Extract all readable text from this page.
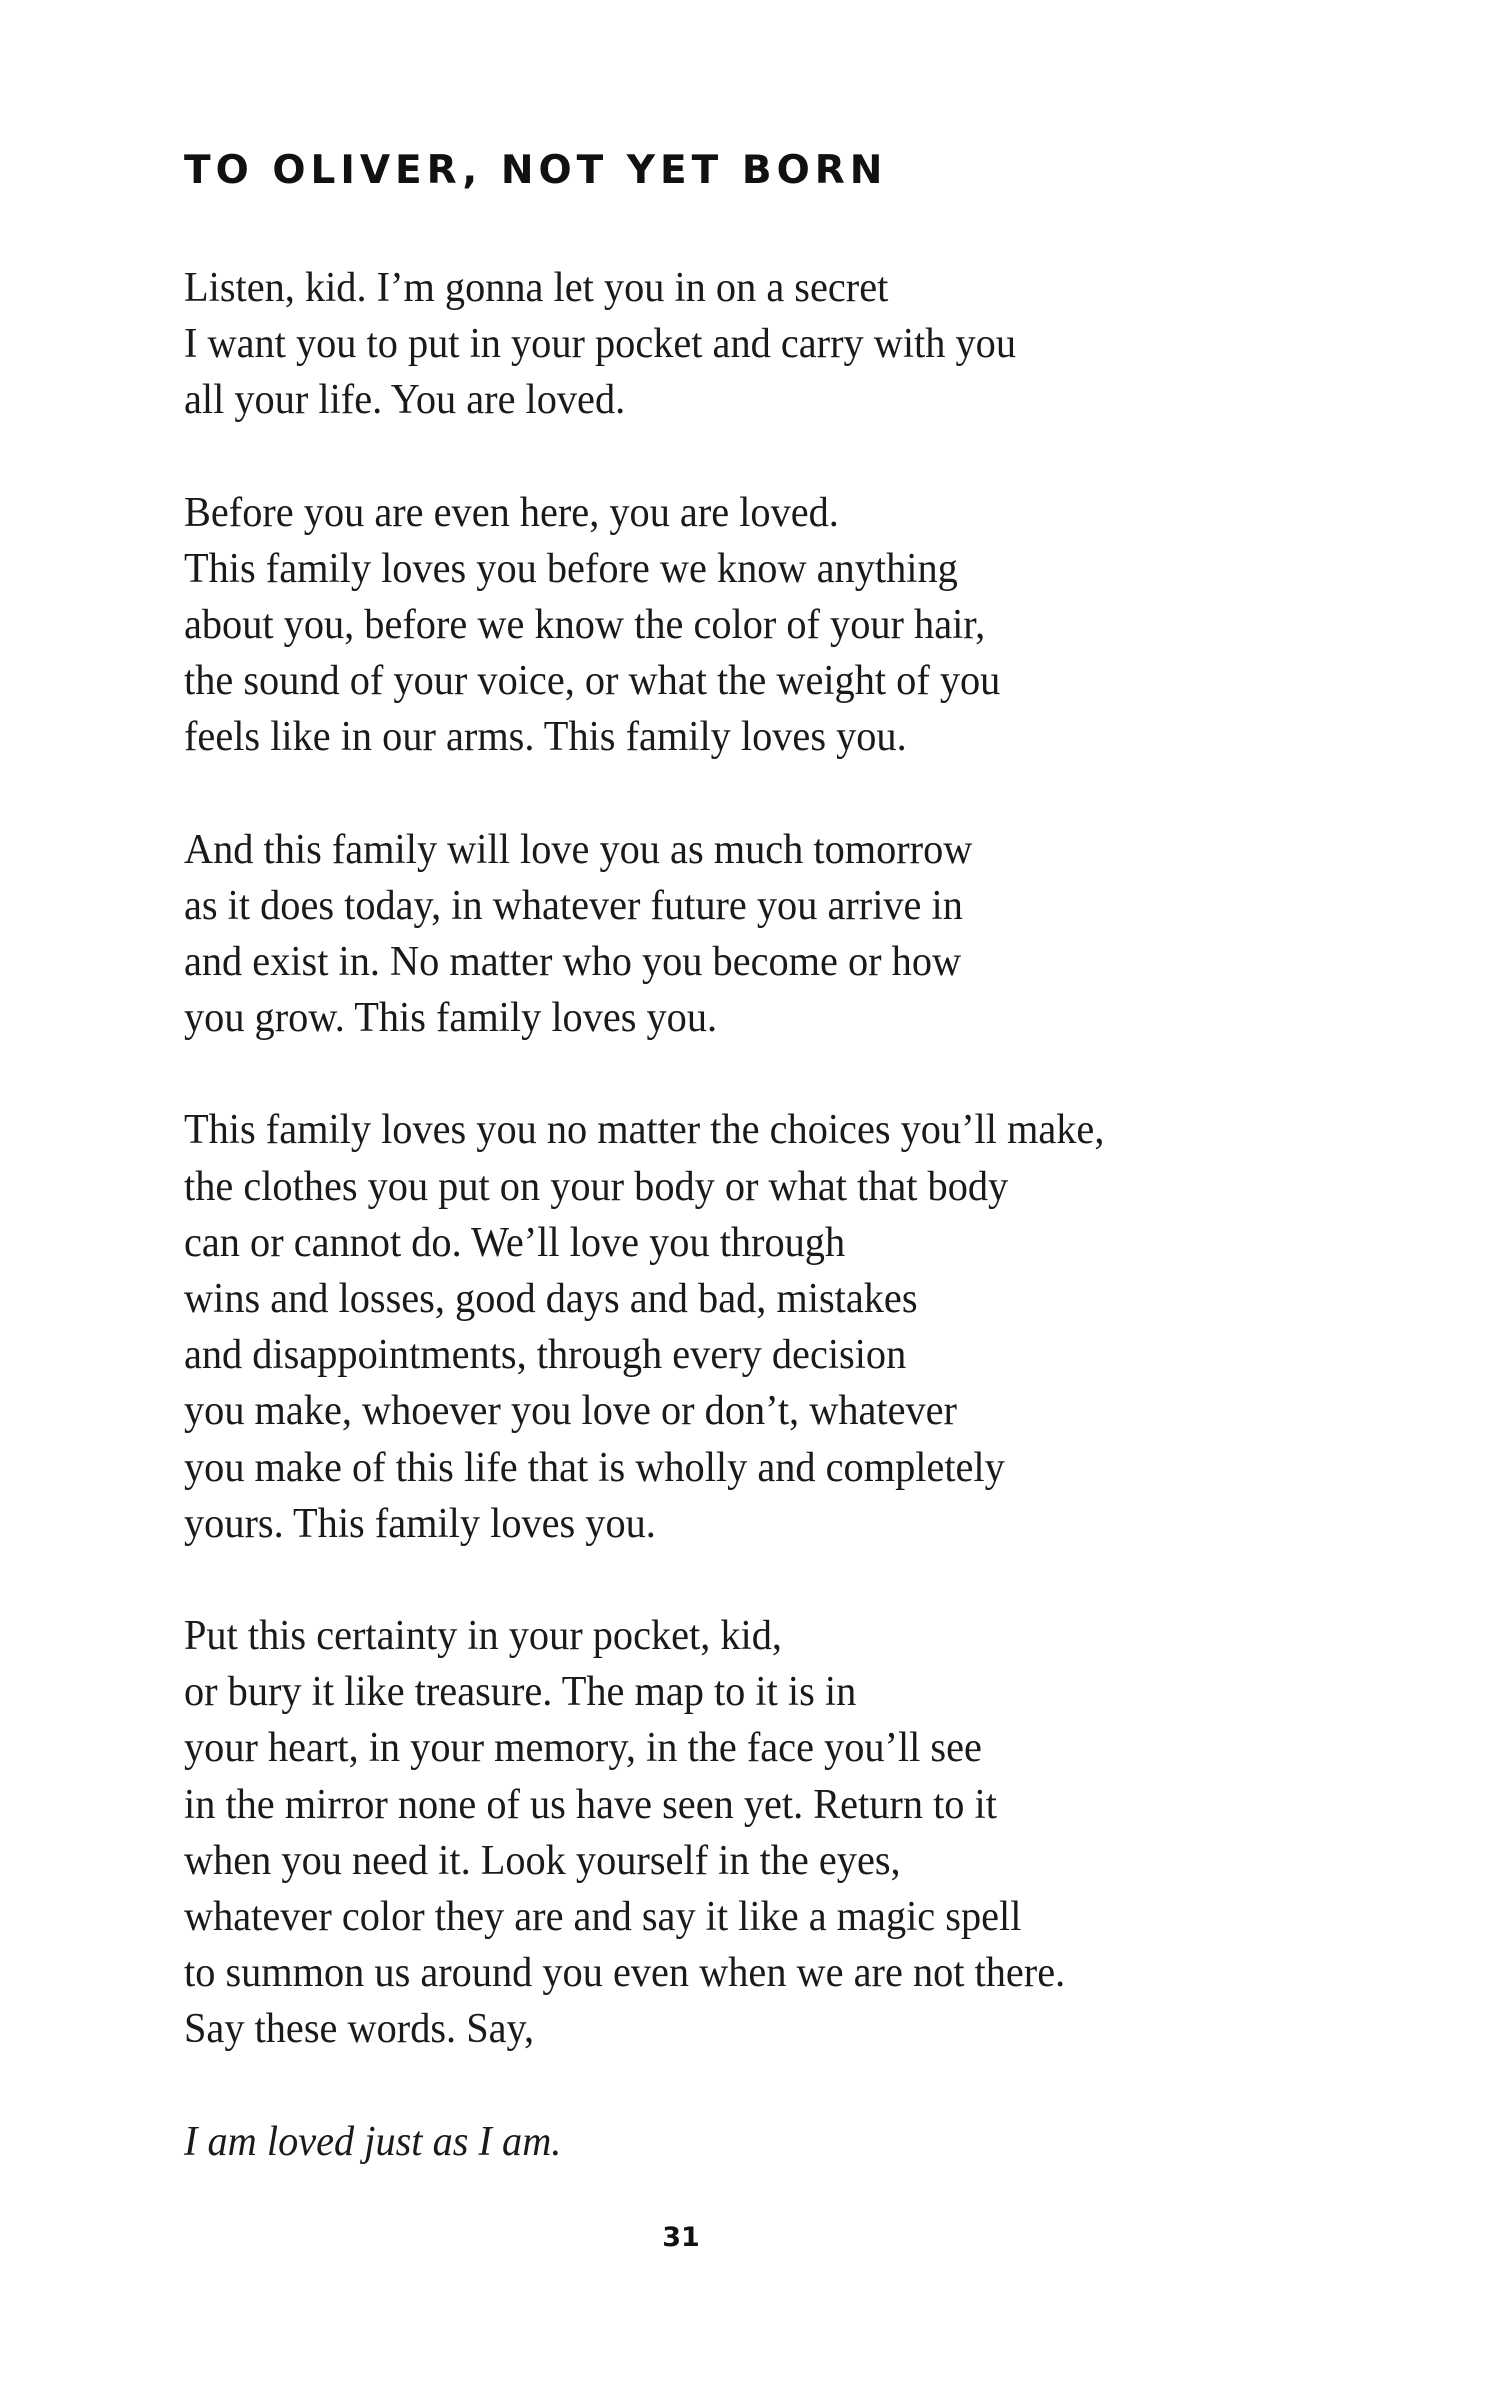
TO OLIVER, NOT YET BORN
Listen, kid. I’m gonna let you in on a secret
I want you to put in your pocket and carry with you
all your life. You are loved.
Before you are even here, you are loved.
This family loves you before we know anything
about you, before we know the color of your hair,
the sound of your voice, or what the weight of you
feels like in our arms. This family loves you.
And this family will love you as much tomorrow
as it does today, in whatever future you arrive in
and exist in. No matter who you become or how
you grow. This family loves you.
This family loves you no matter the choices you’ll make,
the clothes you put on your body or what that body
can or cannot do. We’ll love you through
wins and losses, good days and bad, mistakes
and disappointments, through every decision
you make, whoever you love or don’t, whatever
you make of this life that is wholly and completely
yours. This family loves you.
Put this certainty in your pocket, kid,
or bury it like treasure. The map to it is in
your heart, in your memory, in the face you’ll see
in the mirror none of us have seen yet. Return to it
when you need it. Look yourself in the eyes,
whatever color they are and say it like a magic spell
to summon us around you even when we are not there.
Say these words. Say,
I am loved just as I am.
31
